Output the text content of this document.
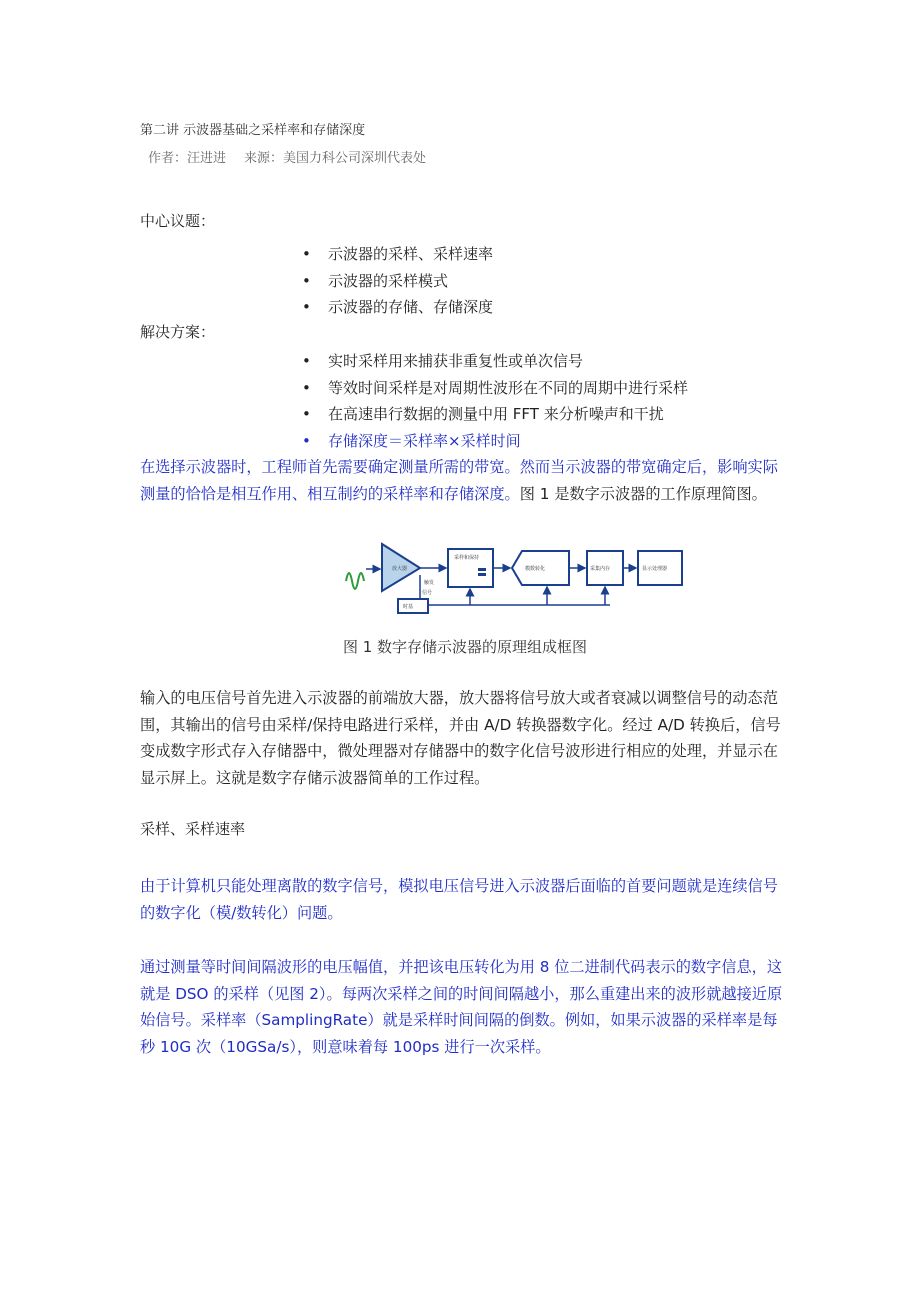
第二讲 示波器基础之采样率和存储深度
作者：汪进进 来源：美国力科公司深圳代表处
中心议题：
• 示波器的采样、采样速率
• 示波器的采样模式
• 示波器的存储、存储深度
解决方案：
• 实时采样用来捕获非重复性或单次信号
• 等效时间采样是对周期性波形在不同的周期中进行采样
• 在高速串行数据的测量中用 FFT 来分析噪声和干扰
• 存储深度＝采样率×采样时间

在选择示波器时，工程师首先需要确定测量所需的带宽。然而当示波器的带宽确定后，影响实际测量的恰恰是相互作用、相互制约的采样率和存储深度。图 1 是数字示波器的工作原理简图。

放大器
采样和保持
模数转化	采集内存	显示处理器
触发
信号
时基
图 1 数字存储示波器的原理组成框图

输入的电压信号首先进入示波器的前端放大器，放大器将信号放大或者衰减以调整信号的动态范围，其输出的信号由采样/保持电路进行采样，并由 A/D 转换器数字化。经过 A/D 转换后，信号变成数字形式存入存储器中，微处理器对存储器中的数字化信号波形进行相应的处理，并显示在显示屏上。这就是数字存储示波器简单的工作过程。

采样、采样速率

由于计算机只能处理离散的数字信号，模拟电压信号进入示波器后面临的首要问题就是连续信号的数字化（模/数转化）问题。

通过测量等时间间隔波形的电压幅值，并把该电压转化为用 8 位二进制代码表示的数字信息，这就是 DSO 的采样（见图 2）。每两次采样之间的时间间隔越小，那么重建出来的波形就越接近原始信号。采样率（SamplingRate）就是采样时间间隔的倒数。例如，如果示波器的采样率是每秒 10G 次（10GSa/s），则意味着每 100ps 进行一次采样。
